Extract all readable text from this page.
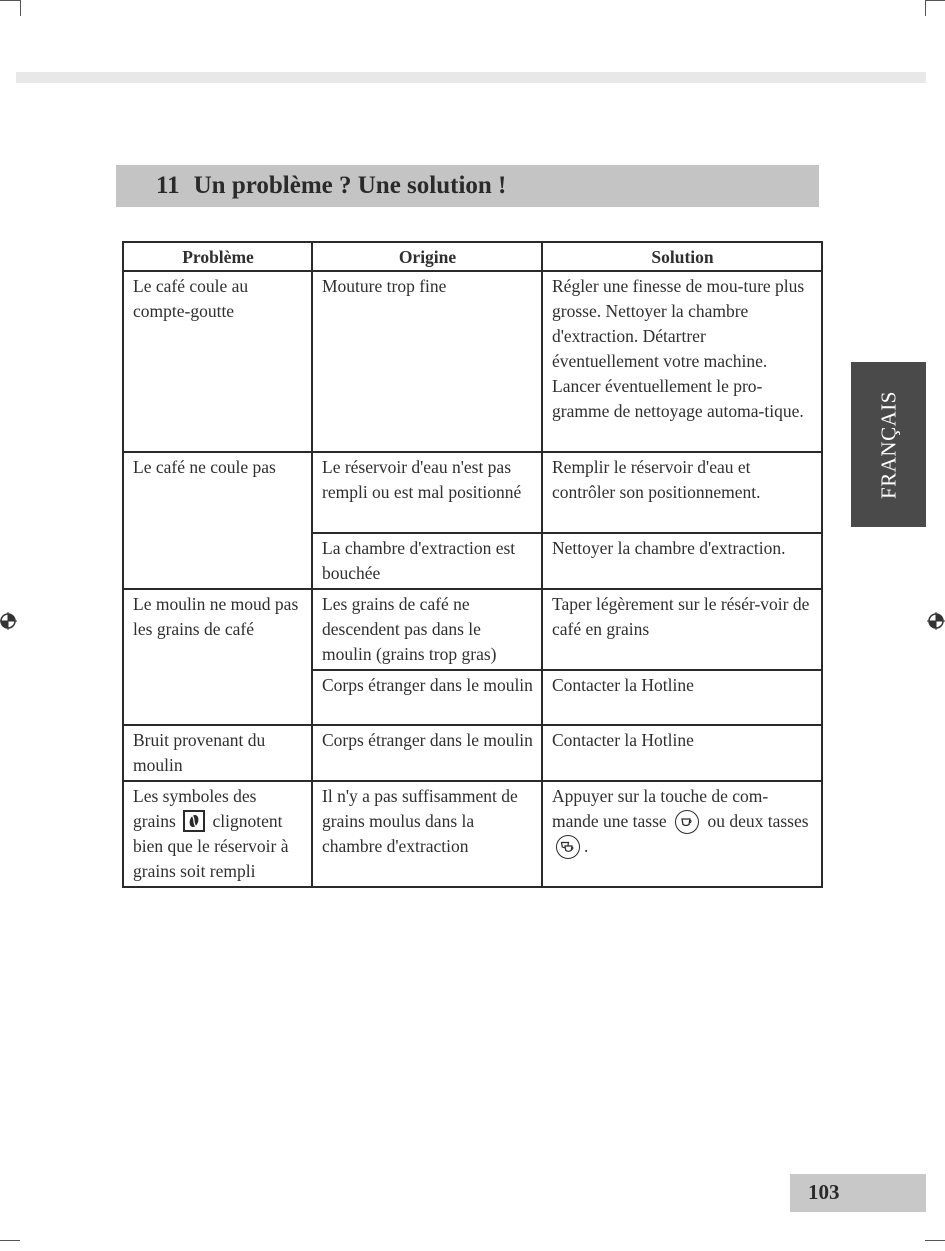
11 Un problème ? Une solution !
FRANÇAIS
Problème	Origine	Solution
Le café coule au compte-goutte	Mouture trop fine	Régler une finesse de mou-ture plus grosse. Nettoyer la chambre d'extraction. Détartrer éventuellement votre machine. Lancer éventuellement le pro-gramme de nettoyage automa-tique.
Le café ne coule pas	Le réservoir d'eau n'est pas rempli ou est mal positionné	Remplir le réservoir d'eau et contrôler son positionnement.
	La chambre d'extraction est bouchée	Nettoyer la chambre d'extraction.
Le moulin ne moud pas les grains de café	Les grains de café ne descendent pas dans le moulin (grains trop gras)	Taper légèrement sur le résér-voir de café en grains
	Corps étranger dans le moulin	Contacter la Hotline
Bruit provenant du moulin	Corps étranger dans le moulin	Contacter la Hotline
Les symboles des grains clignotent bien que le réservoir à grains soit rempli	Il n'y a pas suffisamment de grains moulus dans la chambre d'extraction	Appuyer sur la touche de com-mande une tasse ou deux tasses
.
103
